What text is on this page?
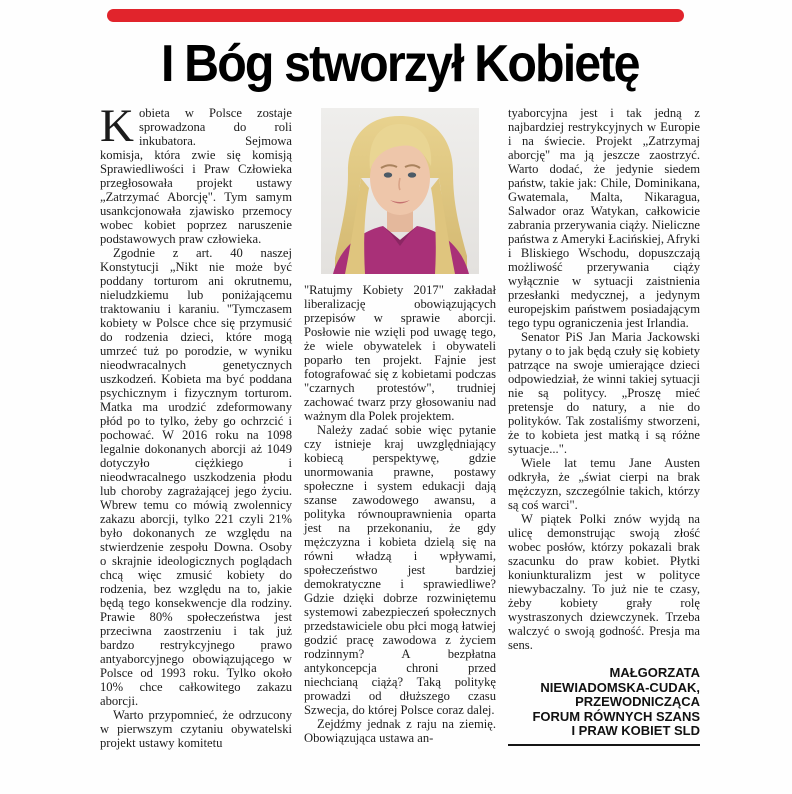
I Bóg stworzył Kobietę

Kobieta w Polsce zostaje sprowadzona do roli inkubatora. Sejmowa komisja, która zwie się komisją Sprawiedliwości i Praw Człowieka przegłosowała projekt ustawy „Zatrzymać Aborcję". Tym samym usankcjonowała zjawisko przemocy wobec kobiet poprzez naruszenie podstawowych praw człowieka.

Zgodnie z art. 40 naszej Konstytucji „Nikt nie może być poddany torturom ani okrutnemu, nieludzkiemu lub poniżającemu traktowaniu i karaniu. "Tymczasem kobiety w Polsce chce się przymusić do rodzenia dzieci, które mogą umrzeć tuż po porodzie, w wyniku nieodwracalnych genetycznych uszkodzeń. Kobieta ma być poddana psychicznym i fizycznym torturom. Matka ma urodzić zdeformowany płód po to tylko, żeby go ochrzcić i pochować. W 2016 roku na 1098 legalnie dokonanych aborcji aż 1049 dotyczyło ciężkiego i nieodwracalnego uszkodzenia płodu lub choroby zagrażającej jego życiu. Wbrew temu co mówią zwolennicy zakazu aborcji, tylko 221 czyli 21% było dokonanych ze względu na stwierdzenie zespołu Downa. Osoby o skrajnie ideologicznych poglądach chcą więc zmusić kobiety do rodzenia, bez względu na to, jakie będą tego konsekwencje dla rodziny. Prawie 80% społeczeństwa jest przeciwna zaostrzeniu i tak już bardzo restrykcyjnego prawo antyaborcyjnego obowiązującego w Polsce od 1993 roku. Tylko około 10% chce całkowitego zakazu aborcji.

Warto przypomnieć, że odrzucony w pierwszym czytaniu obywatelski projekt ustawy komitetu

"Ratujmy Kobiety 2017" zakładał liberalizację obowiązujących przepisów w sprawie aborcji. Posłowie nie wzięli pod uwagę tego, że wiele obywatelek i obywateli poparło ten projekt. Fajnie jest fotografować się z kobietami podczas "czarnych protestów", trudniej zachować twarz przy głosowaniu nad ważnym dla Polek projektem.

Należy zadać sobie więc pytanie czy istnieje kraj uwzględniający kobiecą perspektywę, gdzie unormowania prawne, postawy społeczne i system edukacji dają szanse zawodowego awansu, a polityka równouprawnienia oparta jest na przekonaniu, że gdy mężczyzna i kobieta dzielą się na równi władzą i wpływami, społeczeństwo jest bardziej demokratyczne i sprawiedliwe? Gdzie dzięki dobrze rozwiniętemu systemowi zabezpieczeń społecznych przedstawiciele obu płci mogą łatwiej godzić pracę zawodowa z życiem rodzinnym? A bezpłatna antykoncepcja chroni przed niechcianą ciążą? Taką politykę prowadzi od dłuższego czasu Szwecja, do której Polsce coraz dalej.

Zejdźmy jednak z raju na ziemię. Obowiązująca ustawa an-

tyaborcyjna jest i tak jedną z najbardziej restrykcyjnych w Europie i na świecie. Projekt „Zatrzymaj aborcję" ma ją jeszcze zaostrzyć. Warto dodać, że jedynie siedem państw, takie jak: Chile, Dominikana, Gwatemala, Malta, Nikaragua, Salwador oraz Watykan, całkowicie zabrania przerywania ciąży. Nieliczne państwa z Ameryki Łacińskiej, Afryki i Bliskiego Wschodu, dopuszczają możliwość przerywania ciąży wyłącznie w sytuacji zaistnienia przesłanki medycznej, a jedynym europejskim państwem posiadającym tego typu ograniczenia jest Irlandia.

Senator PiS Jan Maria Jackowski pytany o to jak będą czuły się kobiety patrzące na swoje umierające dzieci odpowiedział, że winni takiej sytuacji nie są politycy. „Proszę mieć pretensje do natury, a nie do polityków. Tak zostaliśmy stworzeni, że to kobieta jest matką i są różne sytuacje...".

Wiele lat temu Jane Austen odkryła, że „świat cierpi na brak mężczyzn, szczególnie takich, którzy są coś warci".

W piątek Polki znów wyjdą na ulicę demonstrując swoją złość wobec posłów, którzy pokazali brak szacunku do praw kobiet. Płytki koniunkturalizm jest w polityce niewybaczalny. To już nie te czasy, żeby kobiety grały rolę wystraszonych dziewczynek. Trzeba walczyć o swoją godność. Presja ma sens.

MAŁGORZATA
NIEWIADOMSKA-CUDAK,
PRZEWODNICZĄCA
FORUM RÓWNYCH SZANS
I PRAW KOBIET SLD
